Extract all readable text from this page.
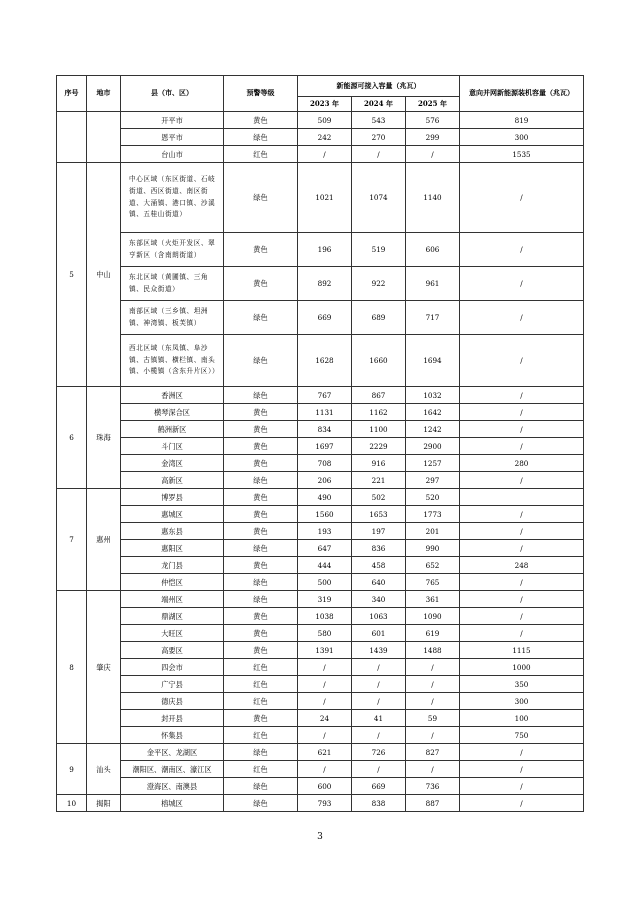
序号	地市	县（市、区）	预警等级	新能源可接入容量（兆瓦）			意向并网新能源装机容量（兆瓦）
				2023 年	2024 年	2025 年	
		开平市	黄色	509	543	576	819
		恩平市	绿色	242	270	299	300
		台山市	红色	/	/	/	1535
5	中山	中心区域（东区街道、石岐街道、西区街道、南区街道、大涌镇、港口镇、沙溪镇、五桂山街道）	绿色	1021	1074	1140	/
		东部区域（火炬开发区、翠亨新区（含南朗街道）	黄色	196	519	606	/
		东北区域（黄圃镇、三角镇、民众街道）	黄色	892	922	961	/
		南部区域（三乡镇、坦洲镇、神湾镇、板芙镇）	绿色	669	689	717	/
		西北区域（东凤镇、阜沙镇、古镇镇、横栏镇、南头镇、小榄镇（含东升片区））	绿色	1628	1660	1694	/
6	珠海	香洲区	绿色	767	867	1032	/
		横琴深合区	黄色	1131	1162	1642	/
		鹤洲新区	黄色	834	1100	1242	/
		斗门区	黄色	1697	2229	2900	/
		金湾区	黄色	708	916	1257	280
		高新区	绿色	206	221	297	/
7	惠州	博罗县	黄色	490	502	520	
		惠城区	黄色	1560	1653	1773	/
		惠东县	黄色	193	197	201	/
		惠阳区	绿色	647	836	990	/
		龙门县	黄色	444	458	652	248
		仲恺区	绿色	500	640	765	/
8	肇庆	端州区	绿色	319	340	361	/
		鼎湖区	黄色	1038	1063	1090	/
		大旺区	黄色	580	601	619	/
		高要区	黄色	1391	1439	1488	1115
		四会市	红色	/	/	/	1000
		广宁县	红色	/	/	/	350
		德庆县	红色	/	/	/	300
		封开县	黄色	24	41	59	100
		怀集县	红色	/	/	/	750
9	汕头	金平区、龙湖区	绿色	621	726	827	/
		潮阳区、潮南区、濠江区	红色	/	/	/	/
		澄海区、南澳县	绿色	600	669	736	/
10	揭阳	榕城区	绿色	793	838	887	/
3
